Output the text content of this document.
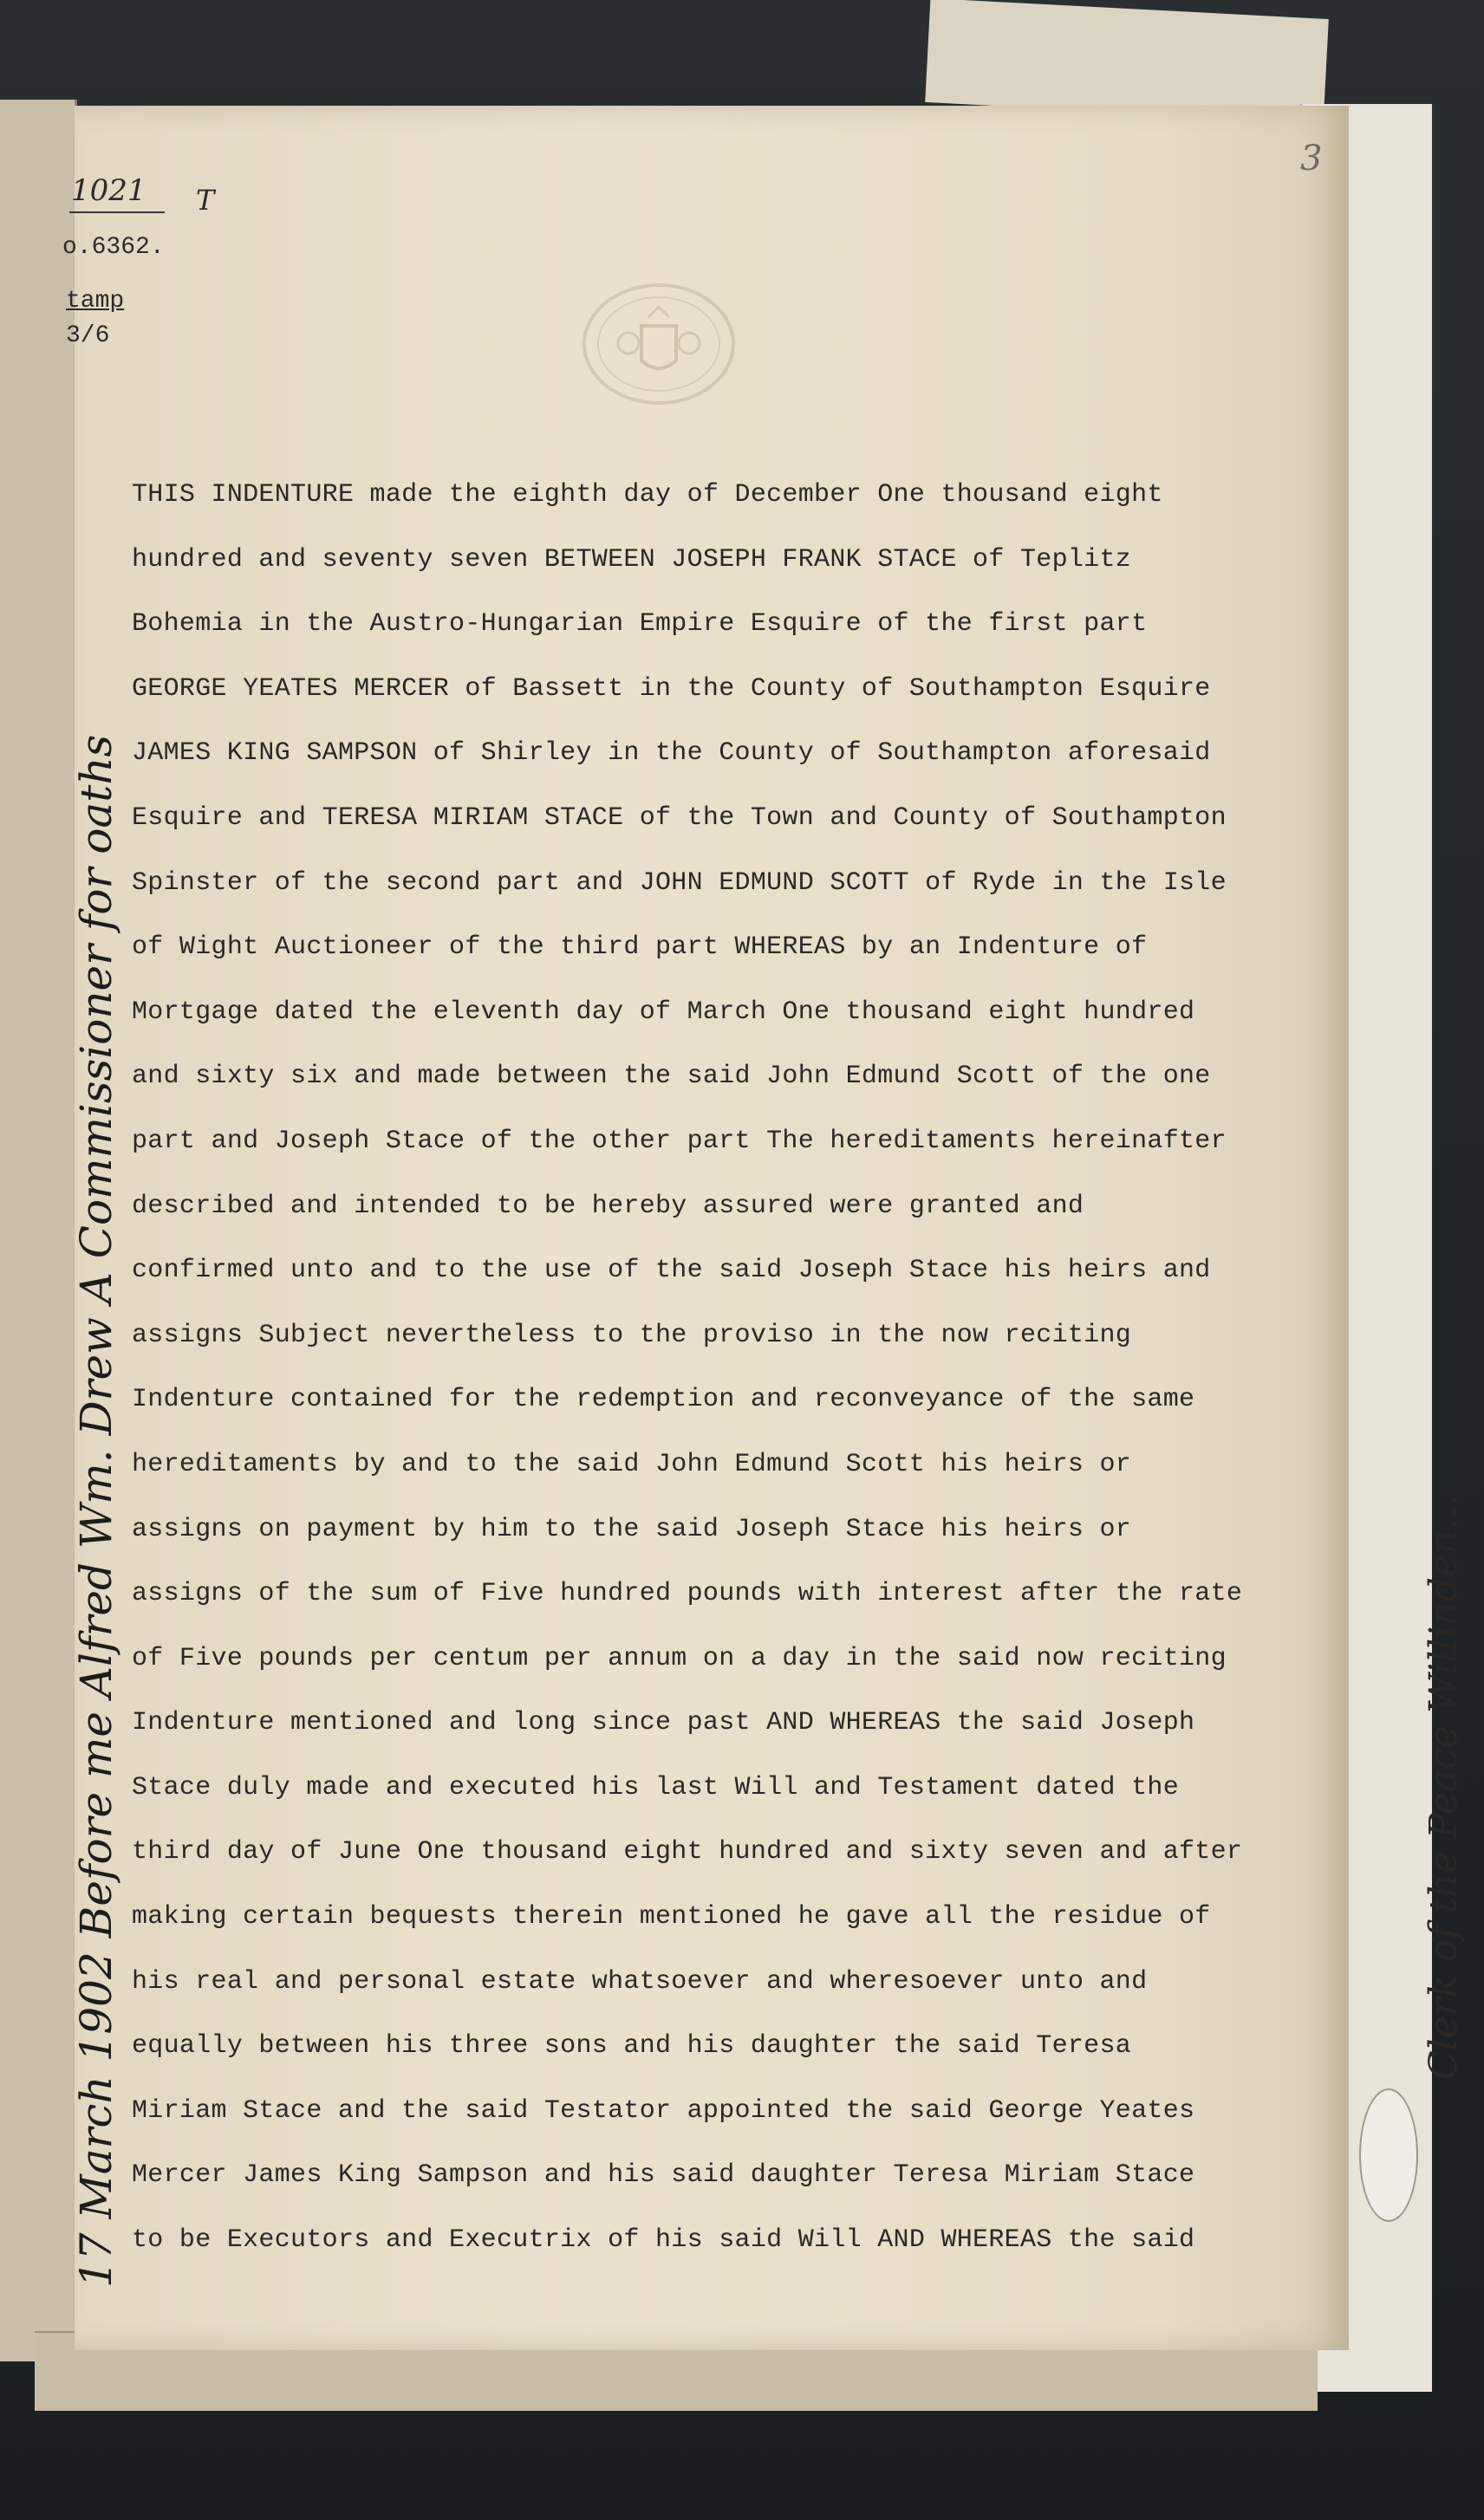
Clerk of the Peace Willinden...
3
1021 T
o.6362.
tamp
3/6
17 March 1902 Before me Alfred Wm. Drew A Commissioner for oaths
THIS INDENTURE made the eighth day of December One thousand eight
hundred and seventy seven BETWEEN JOSEPH FRANK STACE of Teplitz
Bohemia in the Austro-Hungarian Empire Esquire of the first part
GEORGE YEATES MERCER of Bassett in the County of Southampton Esquire
JAMES KING SAMPSON of Shirley in the County of Southampton aforesaid
Esquire and TERESA MIRIAM STACE of the Town and County of Southampton
Spinster of the second part and JOHN EDMUND SCOTT of Ryde in the Isle
of Wight Auctioneer of the third part WHEREAS by an Indenture of
Mortgage dated the eleventh day of March One thousand eight hundred
and sixty six and made between the said John Edmund Scott of the one
part and Joseph Stace of the other part The hereditaments hereinafter
described and intended to be hereby assured were granted and
confirmed unto and to the use of the said Joseph Stace his heirs and
assigns Subject nevertheless to the proviso in the now reciting
Indenture contained for the redemption and reconveyance of the same
hereditaments by and to the said John Edmund Scott his heirs or
assigns on payment by him to the said Joseph Stace his heirs or
assigns of the sum of Five hundred pounds with interest after the rate
of Five pounds per centum per annum on a day in the said now reciting
Indenture mentioned and long since past AND WHEREAS the said Joseph
Stace duly made and executed his last Will and Testament dated the
third day of June One thousand eight hundred and sixty seven and after
making certain bequests therein mentioned he gave all the residue of
his real and personal estate whatsoever and wheresoever unto and
equally between his three sons and his daughter the said Teresa
Miriam Stace and the said Testator appointed the said George Yeates
Mercer James King Sampson and his said daughter Teresa Miriam Stace
to be Executors and Executrix of his said Will AND WHEREAS the said
